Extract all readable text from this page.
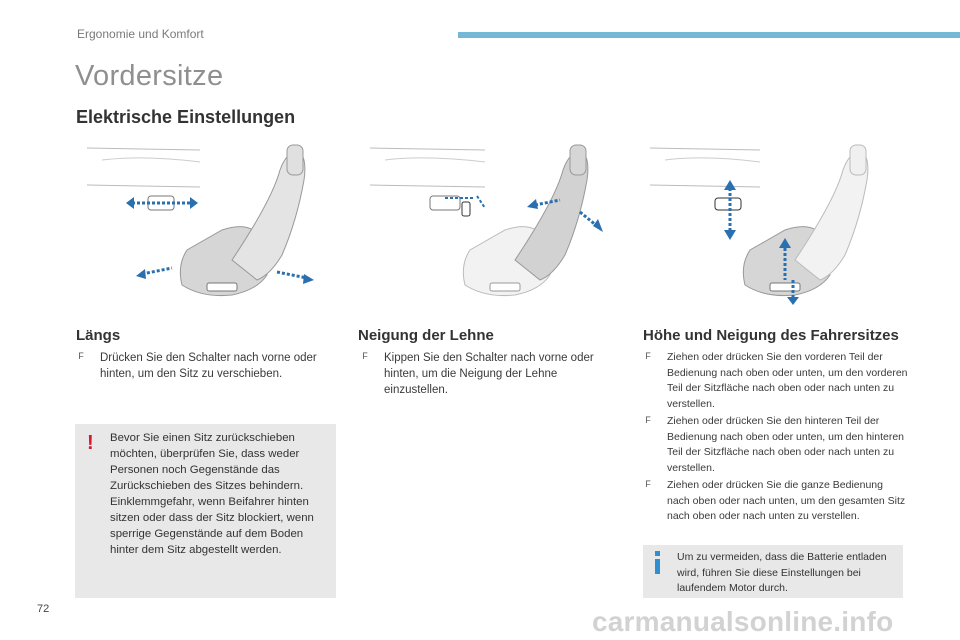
Ergonomie und Komfort
Vordersitze
Elektrische Einstellungen
Längs
F Drücken Sie den Schalter nach vorne oder hinten, um den Sitz zu verschieben.
! Bevor Sie einen Sitz zurückschieben möchten, überprüfen Sie, dass weder Personen noch Gegenstände das Zurückschieben des Sitzes behindern. Einklemmgefahr, wenn Beifahrer hinten sitzen oder dass der Sitz blockiert, wenn sperrige Gegenstände auf dem Boden hinter dem Sitz abgestellt werden.
Neigung der Lehne
F Kippen Sie den Schalter nach vorne oder hinten, um die Neigung der Lehne einzustellen.
Höhe und Neigung des Fahrersitzes
F Ziehen oder drücken Sie den vorderen Teil der Bedienung nach oben oder unten, um den vorderen Teil der Sitzfläche nach oben oder nach unten zu verstellen.
F Ziehen oder drücken Sie den hinteren Teil der Bedienung nach oben oder unten, um den hinteren Teil der Sitzfläche nach oben oder nach unten zu verstellen.
F Ziehen oder drücken Sie die ganze Bedienung nach oben oder nach unten, um den gesamten Sitz nach oben oder nach unten zu verstellen.
Um zu vermeiden, dass die Batterie entladen wird, führen Sie diese Einstellungen bei laufendem Motor durch.
72	carmanualsonline.info
